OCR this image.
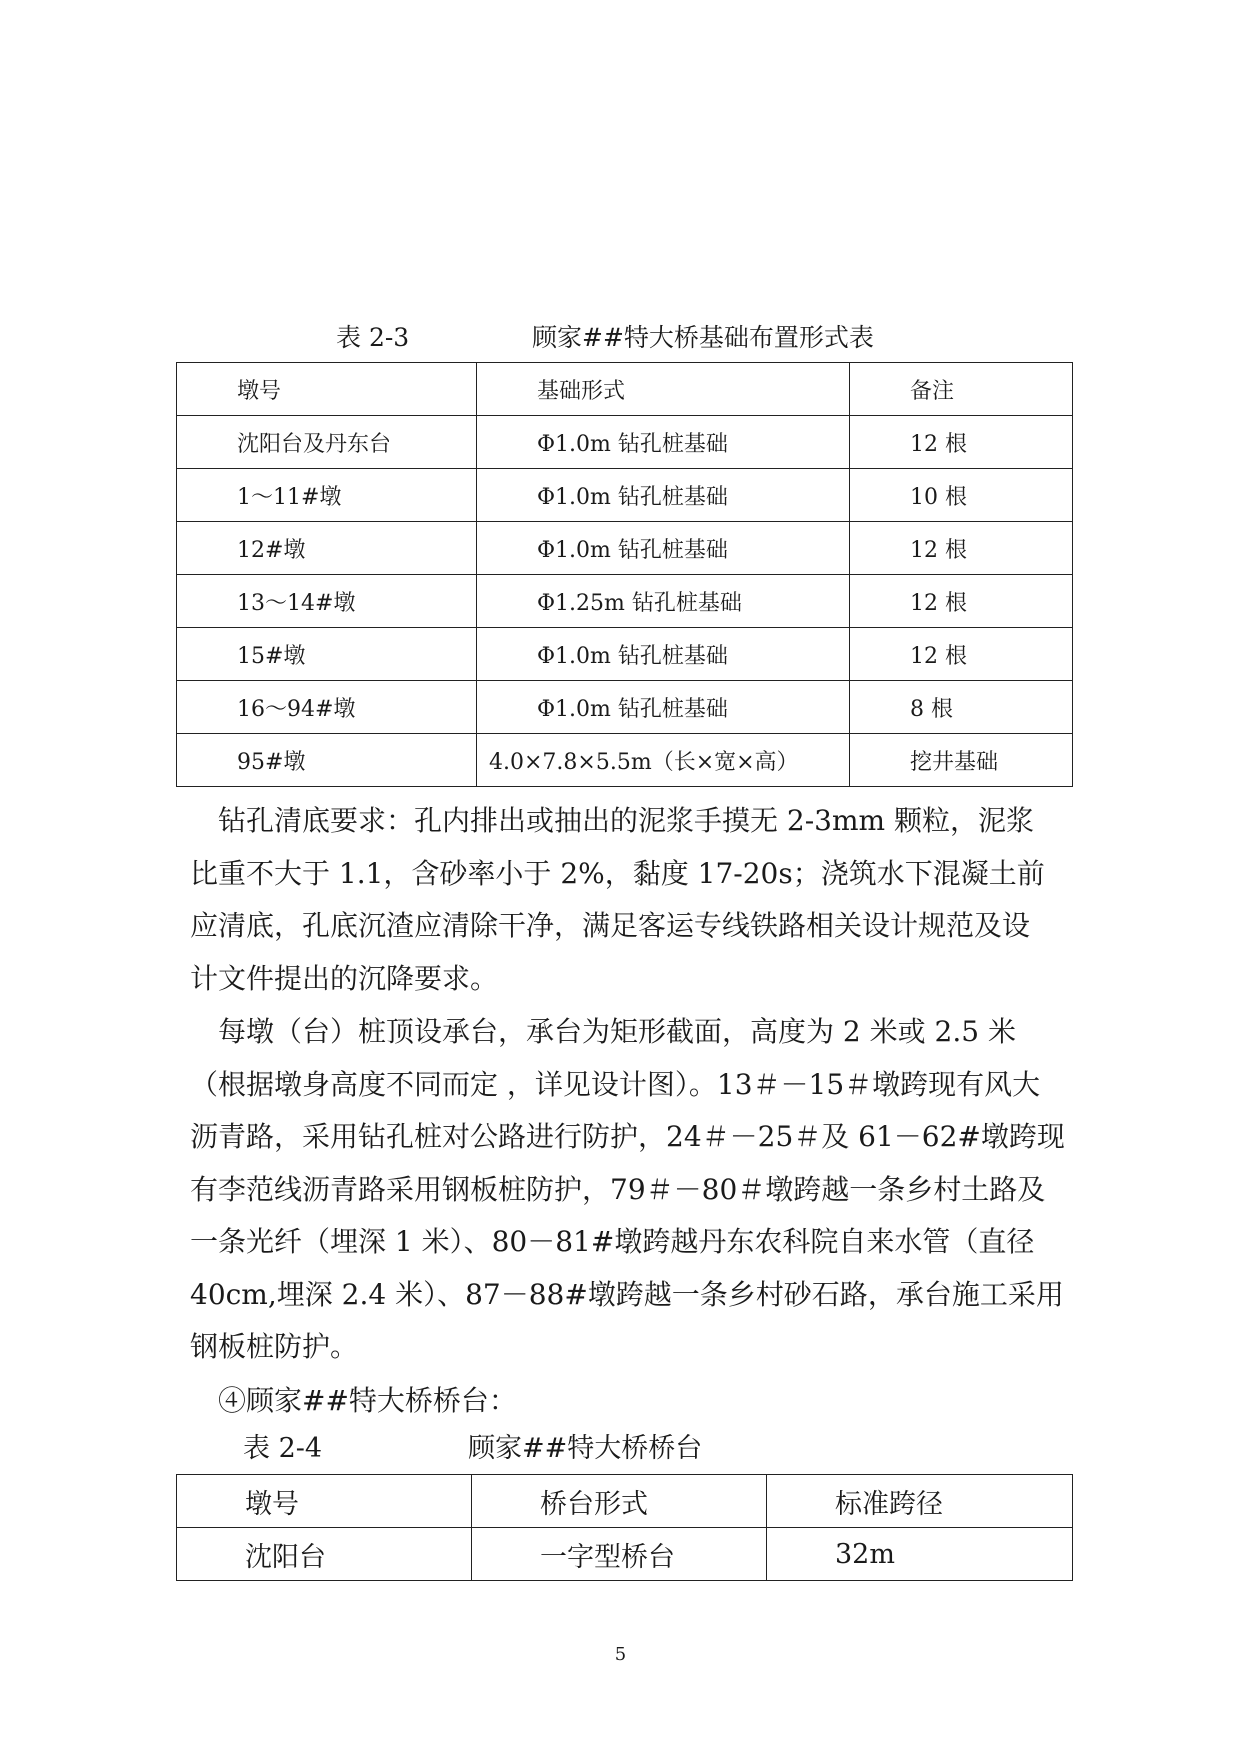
表 2-3	顾家##特大桥基础布置形式表
墩号	基础形式	备注
沈阳台及丹东台	Φ1.0m 钻孔桩基础	12 根
1～11#墩	Φ1.0m 钻孔桩基础	10 根
12#墩	Φ1.0m 钻孔桩基础	12 根
13～14#墩	Φ1.25m 钻孔桩基础	12 根
15#墩	Φ1.0m 钻孔桩基础	12 根
16～94#墩	Φ1.0m 钻孔桩基础	8 根
95#墩	4.0×7.8×5.5m（长×宽×高）	挖井基础

　钻孔清底要求：孔内排出或抽出的泥浆手摸无 2-3mm 颗粒，泥浆

比重不大于 1.1，含砂率小于 2%，黏度 17-20s；浇筑水下混凝土前

应清底，孔底沉渣应清除干净，满足客运专线铁路相关设计规范及设

计文件提出的沉降要求。

　每墩（台）桩顶设承台，承台为矩形截面，高度为 2 米或 2.5 米

（根据墩身高度不同而定 ，详见设计图）。13＃－15＃墩跨现有风大

沥青路，采用钻孔桩对公路进行防护，24＃－25＃及 61－62#墩跨现

有李范线沥青路采用钢板桩防护，79＃－80＃墩跨越一条乡村土路及

一条光纤（埋深 1 米）、80－81#墩跨越丹东农科院自来水管（直径

40cm,埋深 2.4 米）、87－88#墩跨越一条乡村砂石路，承台施工采用

钢板桩防护。

　④顾家##特大桥桥台：

表 2-4	顾家##特大桥桥台
墩号	桥台形式	标准跨径
沈阳台	一字型桥台	32m
5
